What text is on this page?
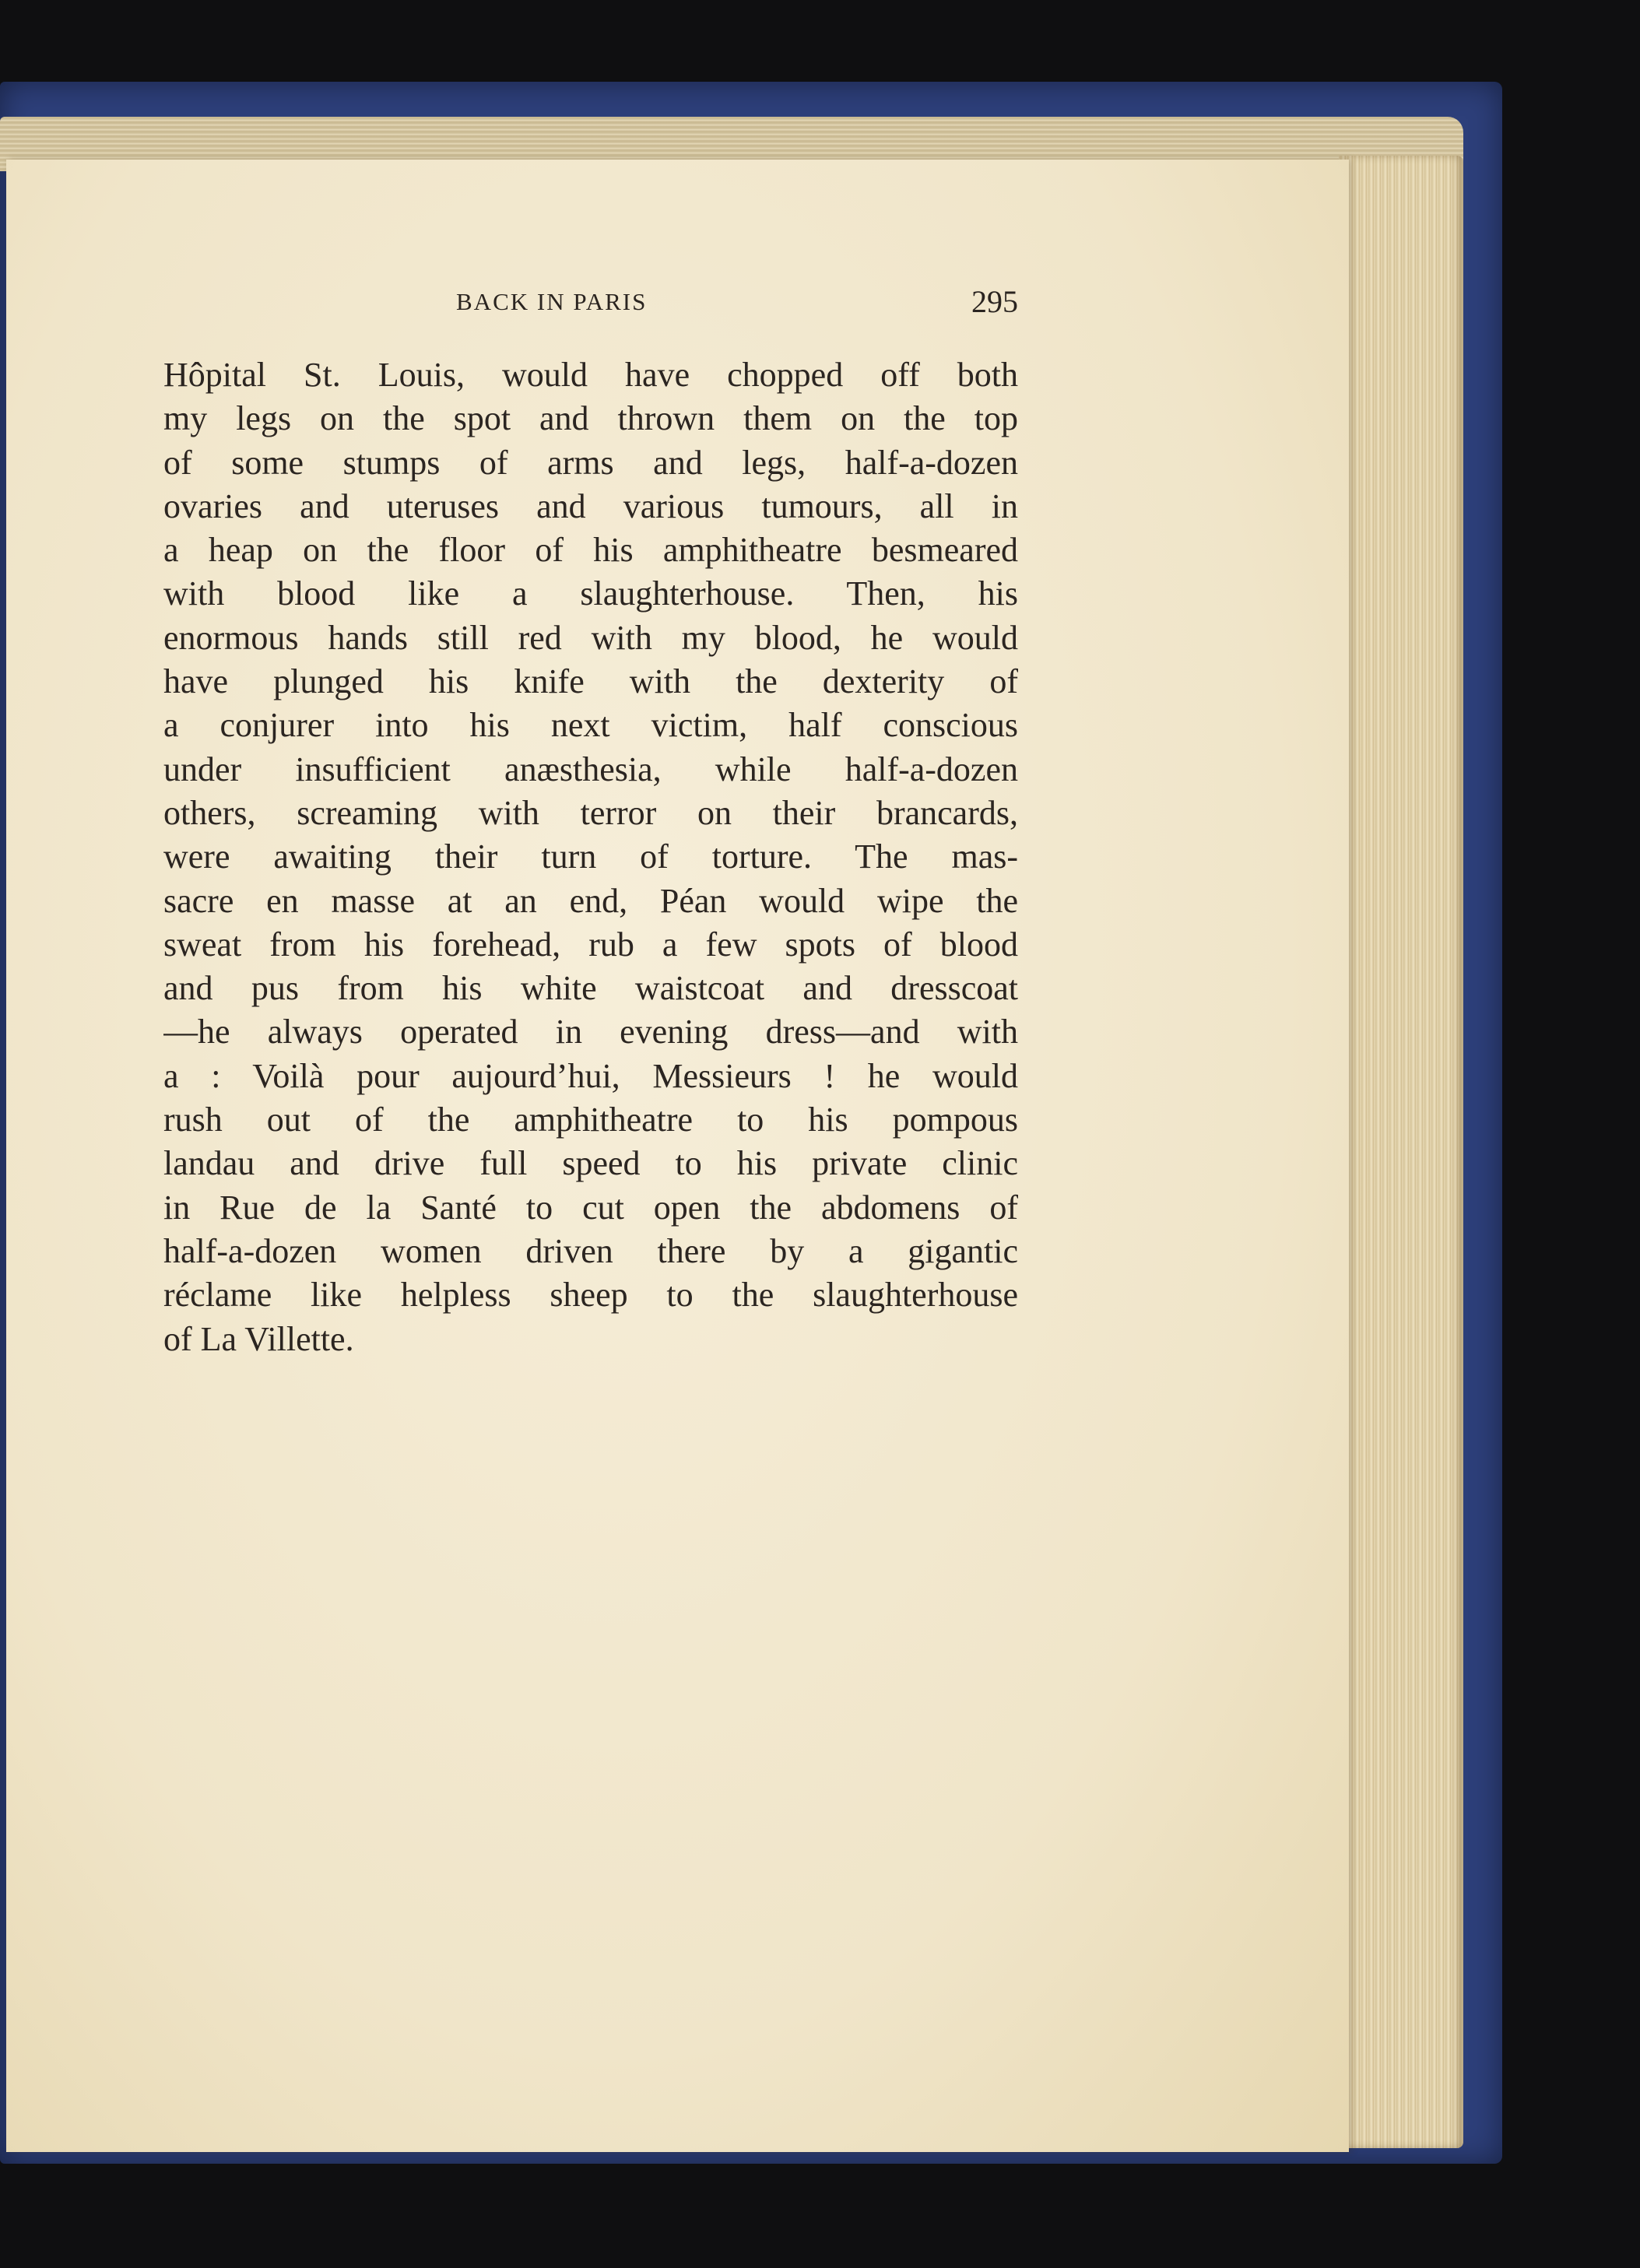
BACK IN PARIS	295
Hôpital St. Louis, would have chopped off both
my legs on the spot and thrown them on the top
of some stumps of arms and legs, half-a-dozen
ovaries and uteruses and various tumours, all in
a heap on the floor of his amphitheatre besmeared
with blood like a slaughterhouse. Then, his
enormous hands still red with my blood, he would
have plunged his knife with the dexterity of
a conjurer into his next victim, half conscious
under insufficient anæsthesia, while half-a-dozen
others, screaming with terror on their brancards,
were awaiting their turn of torture. The mas-
sacre en masse at an end, Péan would wipe the
sweat from his forehead, rub a few spots of blood
and pus from his white waistcoat and dresscoat
—he always operated in evening dress—and with
a : Voilà pour aujourd’hui, Messieurs ! he would
rush out of the amphitheatre to his pompous
landau and drive full speed to his private clinic
in Rue de la Santé to cut open the abdomens of
half-a-dozen women driven there by a gigantic
réclame like helpless sheep to the slaughterhouse
of La Villette.
